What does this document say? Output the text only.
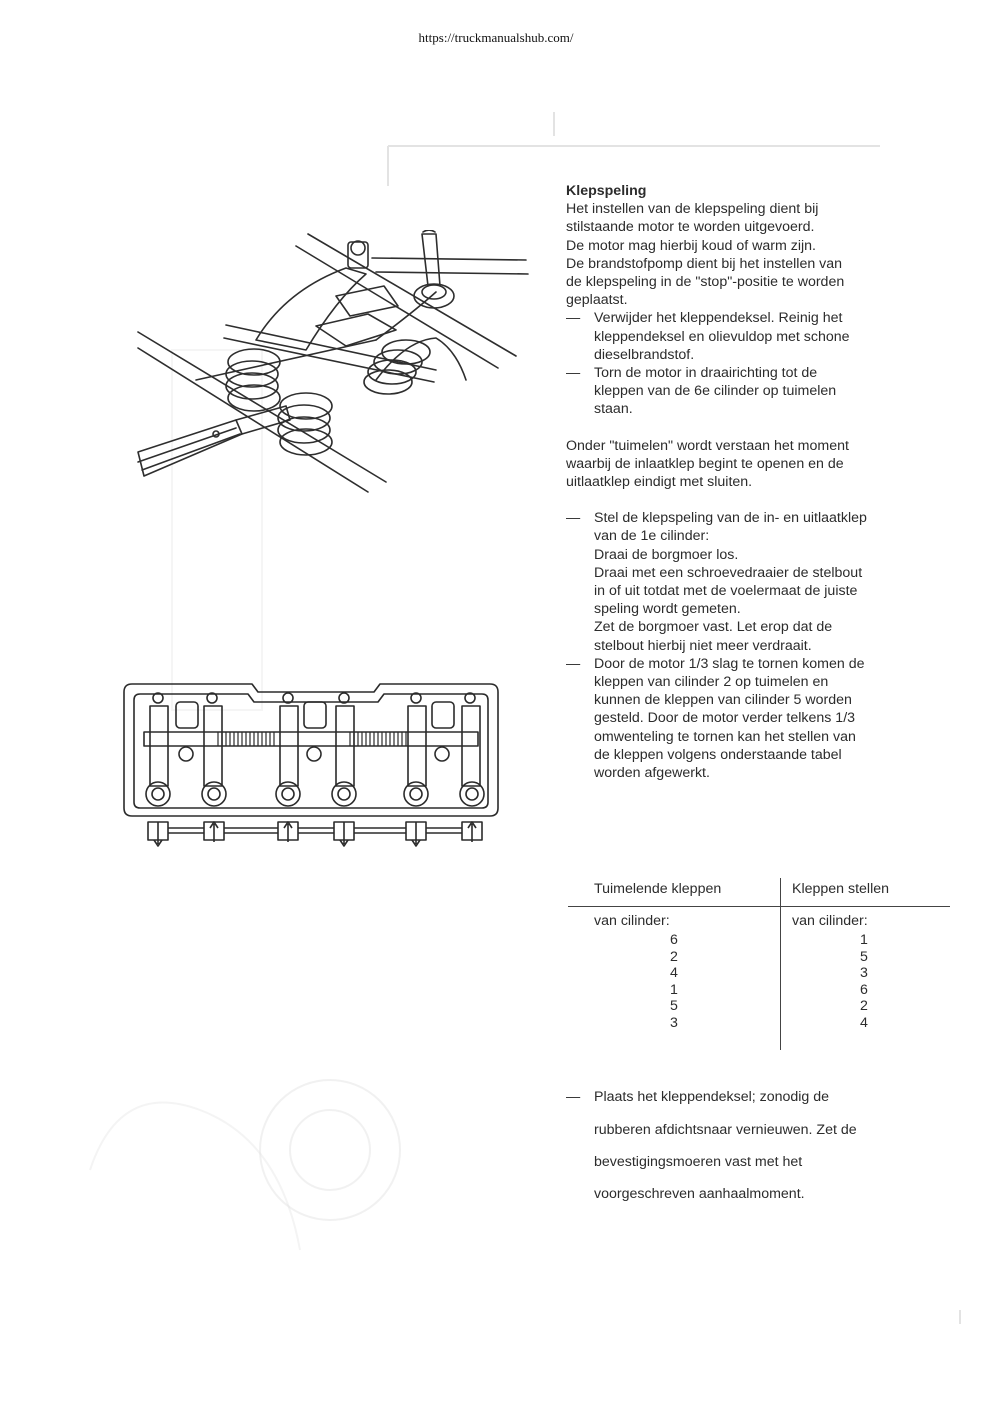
https://truckmanualshub.com/

Klepspeling

Het instellen van de klepspeling dient bij

stilstaande motor te worden uitgevoerd.

De motor mag hierbij koud of warm zijn.

De brandstofpomp dient bij het instellen van

de klepspeling in de "stop"-positie te worden

geplaatst.

— Verwijder het kleppendeksel. Reinig het

kleppendeksel en olievuldop met schone

dieselbrandstof.

— Torn de motor in draairichting tot de

kleppen van de 6e cilinder op tuimelen

staan.

Onder "tuimelen" wordt verstaan het moment

waarbij de inlaatklep begint te openen en de

uitlaatklep eindigt met sluiten.

— Stel de klepspeling van de in- en uitlaatklep

van de 1e cilinder:

Draai de borgmoer los.

Draai met een schroevedraaier de stelbout

in of uit totdat met de voelermaat de juiste

speling wordt gemeten.

Zet de borgmoer vast. Let erop dat de

stelbout hierbij niet meer verdraait.

— Door de motor 1/3 slag te tornen komen de

kleppen van cilinder 2 op tuimelen en

kunnen de kleppen van cilinder 5 worden

gesteld. Door de motor verder telkens 1/3

omwenteling te tornen kan het stellen van

de kleppen volgens onderstaande tabel

worden afgewerkt.

Tuimelende kleppen	Kleppen stellen
van cilinder:	van cilinder:
6
2
4
1
5
3
1
5
3
6
2
4
— Plaats het kleppendeksel; zonodig de

rubberen afdichtsnaar vernieuwen. Zet de

bevestigingsmoeren vast met het

voorgeschreven aanhaalmoment.
